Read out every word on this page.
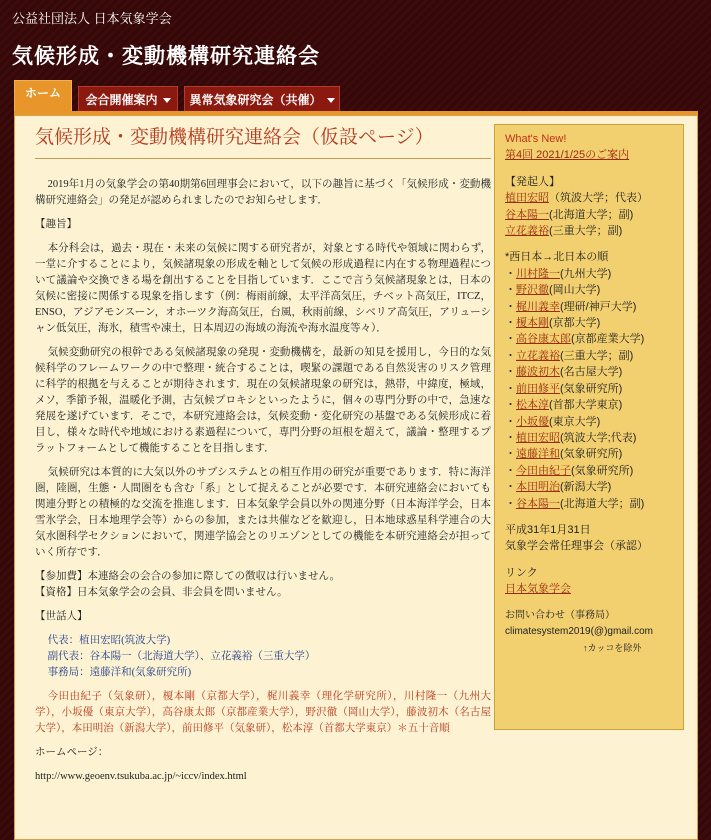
公益社団法人 日本気象学会
気候形成・変動機構研究連絡会
ホーム	会合開催案内	異常気象研究会（共催）
気候形成・変動機構研究連絡会（仮設ページ）

2019年1月の気象学会の第40期第6回理事会において，以下の趣旨に基づく「気候形成・変動機構研究連絡会」の発足が認められましたのでお知らせします．

【趣旨】

本分科会は，過去・現在・未来の気候に関する研究者が，対象とする時代や領域に関わらず，一堂に介することにより，気候諸現象の形成を軸として気候の形成過程に内在する物理過程について議論や交換できる場を創出することを目指しています．ここで言う気候諸現象とは，日本の気候に密接に関係する現象を指します（例：梅雨前線，太平洋高気圧，チベット高気圧，ITCZ，ENSO，アジアモンスーン，オホーツク海高気圧，台風，秋雨前線，シベリア高気圧，アリューシャン低気圧，海氷，積雪や凍土，日本周辺の海域の海流や海水温度等々）．

気候変動研究の根幹である気候諸現象の発現・変動機構を，最新の知見を援用し，今日的な気候科学のフレームワークの中で整理・統合することは，喫緊の課題である自然災害のリスク管理に科学的根拠を与えることが期待されます．現在の気候諸現象の研究は，熱帯，中緯度，極域，メソ，季節予報，温暖化予測，古気候プロキシといったように，個々の専門分野の中で，急速な発展を遂げています．そこで，本研究連絡会は，気候変動・変化研究の基盤である気候形成に着目し，様々な時代や地域における素過程について，専門分野の垣根を超えて，議論・整理するプラットフォームとして機能することを目指します．

気候研究は本質的に大気以外のサブシステムとの相互作用の研究が重要であります．特に海洋圏，陸圏，生態・人間圏をも含む「系」として捉えることが必要です．本研究連絡会においても関連分野との積極的な交流を推進します．日本気象学会員以外の関連分野（日本海洋学会，日本雪氷学会，日本地理学会等）からの参加，または共催などを歓迎し，日本地球惑星科学連合の大気水圏科学セクションにおいて，関連学協会とのリエゾンとしての機能を本研究連絡会が担っていく所存です．

【参加費】本連絡会の会合の参加に際しての徴収は行いません。

【資格】日本気象学会の会員、非会員を問いません。

【世話人】

代表：植田宏昭(筑波大学)

副代表：谷本陽一（北海道大学）、立花義裕（三重大学）

事務局：遠藤洋和(気象研究所)

今田由紀子（気象研），榎本剛（京都大学），梶川義幸（理化学研究所），川村隆一（九州大学），小坂優（東京大学），高谷康太郎（京都産業大学），野沢徹（岡山大学），藤波初木（名古屋大学），本田明治（新潟大学），前田修平（気象研），松本淳（首都大学東京）＊五十音順

ホームページ：

http://www.geoenv.tsukuba.ac.jp/~iccv/index.html

What's New!
第4回 2021/1/25のご案内
【発起人】
植田宏昭（筑波大学；代表）
谷本陽一(北海道大学；副)
立花義裕(三重大学；副)
*西日本→北日本の順
・川村隆一(九州大学)
・野沢徹(岡山大学)
・梶川義幸(理研/神戸大学)
・榎本剛(京都大学)
・高谷康太郎(京都産業大学)
・立花義裕(三重大学；副)
・藤波初木(名古屋大学)
・前田修平(気象研究所)
・松本淳(首都大学東京)
・小坂優(東京大学)
・植田宏昭(筑波大学;代表)
・遠藤洋和(気象研究所)
・今田由紀子(気象研究所)
・本田明治(新潟大学)
・谷本陽一(北海道大学；副)
平成31年1月31日
気象学会常任理事会（承認）
リンク
日本気象学会
お問い合わせ（事務局）
climatesystem2019(@)gmail.com
↑カッコを除外
